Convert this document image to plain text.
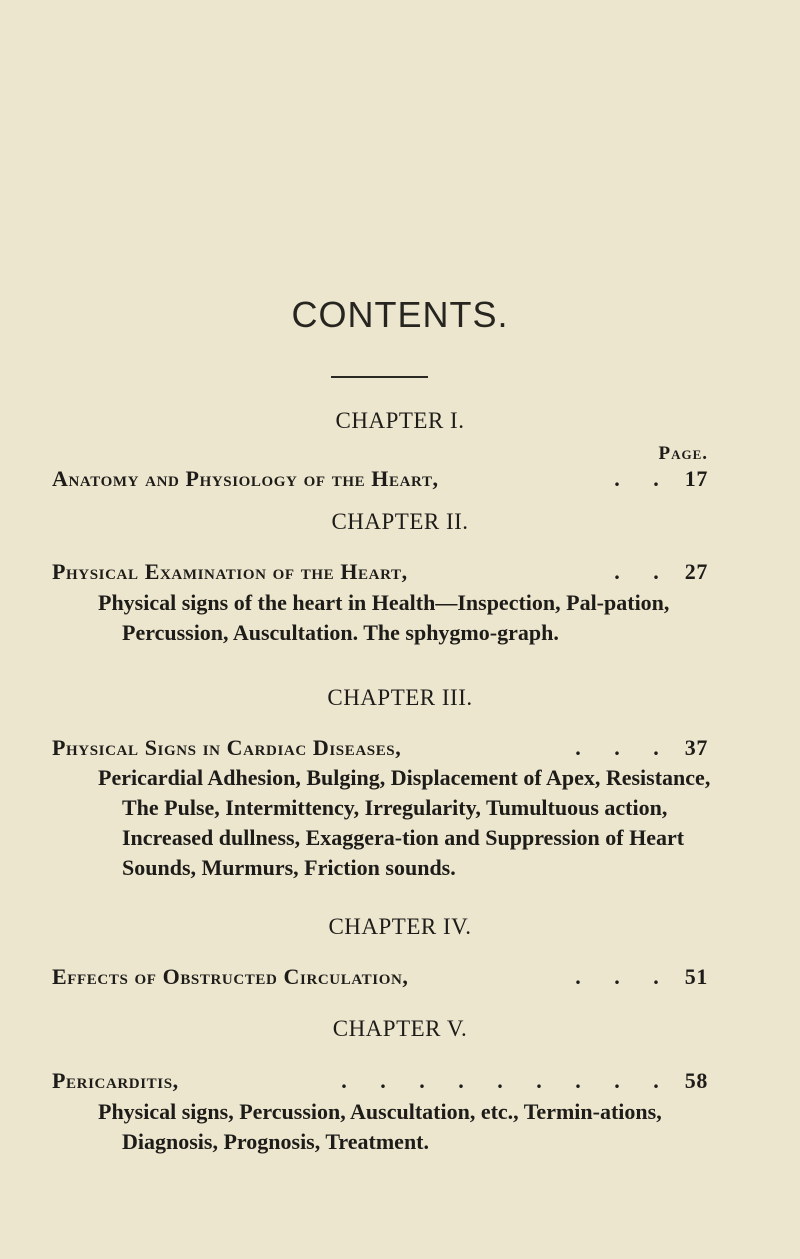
CONTENTS.
CHAPTER I.
Page.
Anatomy and Physiology of the Heart,	. . 17
CHAPTER II.
Physical Examination of the Heart,	. . 27

Physical signs of the heart in Health—Inspection, Pal-pation, Percussion, Auscultation. The sphygmo-graph.

CHAPTER III.
Physical Signs in Cardiac Diseases,	. . . 37

Pericardial Adhesion, Bulging, Displacement of Apex, Resistance, The Pulse, Intermittency, Irregularity, Tumultuous action, Increased dullness, Exaggera-tion and Suppression of Heart Sounds, Murmurs, Friction sounds.

CHAPTER IV.
Effects of Obstructed Circulation,	. . . 51
CHAPTER V.
Pericarditis,	. . . . . . . . . 58

Physical signs, Percussion, Auscultation, etc., Termin-ations, Diagnosis, Prognosis, Treatment.
